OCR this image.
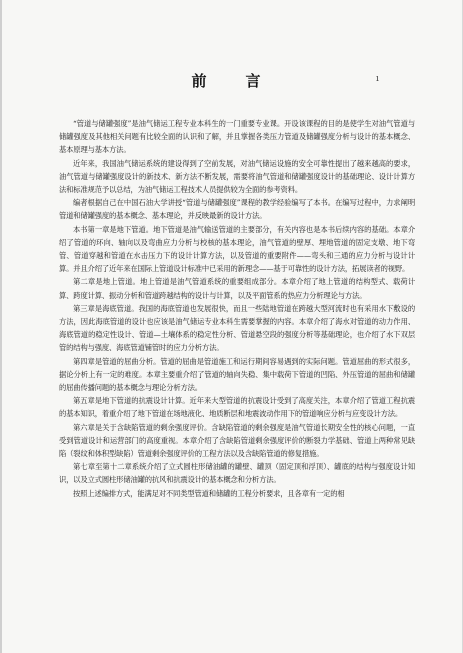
前　言	ı

“管道与储罐强度”是油气储运工程专业本科生的一门重要专业课。开设该课程的目的是使学生对油气管道与储罐强度及其他相关问题有比较全面的认识和了解，并且掌握各类压力管道及储罐强度分析与设计的基本概念、基本原理与基本方法。

近年来，我国油气储运系统的建设得到了空前发展，对油气储运设施的安全可靠性提出了越来越高的要求，油气管道与储罐强度设计的新技术、新方法不断发展，需要将油气管道和储罐强度设计的基础理论、设计计算方法和标准规范予以总结，为油气储运工程技术人员提供较为全面的参考资料。

编者根据自己在中国石油大学讲授“管道与储罐强度”课程的教学经验编写了本书。在编写过程中，力求阐明管道和储罐强度的基本概念、基本理论，并反映最新的设计方法。

本书第一章是地下管道。地下管道是油气输送管道的主要部分，有关内容也是本书后续内容的基础。本章介绍了管道的环向、轴向以及弯曲应力分析与校核的基本理论，油气管道的壁厚、埋地管道的固定支墩、地下弯管、管道穿越和管道在水击压力下的设计计算方法，以及管道的重要附件——弯头和三通的应力分析与设计计算。并且介绍了近年来在国际上管道设计标准中已采用的新理念——基于可靠性的设计方法，拓展读者的视野。

第二章是地上管道。地上管道是油气管道系统的重要组成部分。本章介绍了地上管道的结构型式、载荷计算、跨度计算、振动分析和管道跨越结构的设计与计算，以及平面管系的热应力分析理论与方法。

第三章是海底管道。我国的海底管道也发展很快，而且一些陆地管道在跨越大型河流时也有采用水下敷设的方法，因此海底管道的设计也应该是油气储运专业本科生需要掌握的内容。本章介绍了海水对管道的动力作用、海底管道的稳定性设计、管道—土壤体系的稳定性分析、管道悬空段的强度分析等基础理论，也介绍了水下双层管的结构与强度、海底管道铺管时的应力分析方法。

第四章是管道的屈曲分析。管道的屈曲是管道施工和运行期间容易遇到的实际问题。管道屈曲的形式很多，据论分析上有一定的难度。本章主要重介绍了管道的轴向失稳、集中载荷下管道的凹陷、外压管道的屈曲和储罐的屈曲传播问题的基本概念与理论分析方法。

第五章是地下管道的抗震设计计算。近年来大型管道的抗震设计受到了高度关注，本章介绍了管道工程抗震的基本知识，着重介绍了地下管道在场地液化、地质断层和地震波动作用下的管道响应分析与应变设计方法。

第六章是关于含缺陷管道的剩余强度评价。含缺陷管道的剩余强度是油气管道长期安全性的核心问题，一直受到管道设计和运营部门的高度重视。本章介绍了含缺陷管道剩余强度评价的断裂力学基础、管道上两种常见缺陷（裂纹和体积型缺陷）管道剩余强度评价的工程方法以及含缺陷管道的修复措施。

第七章至第十二章系统介绍了立式圆柱形储油罐的罐壁、罐顶（固定顶和浮顶）、罐底的结构与强度设计知识，以及立式圆柱形储油罐的抗风和抗震设计的基本概念和分析方法。

按照上述编排方式，能满足对不同类型管道和储罐的工程分析要求，且各章有一定的相
